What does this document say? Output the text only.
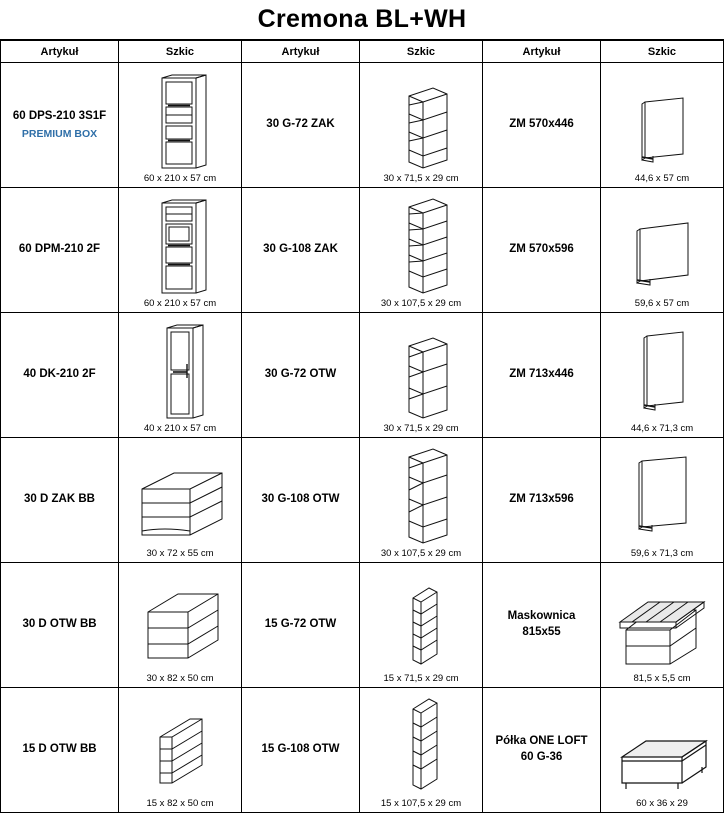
Cremona BL+WH
Artykuł	Szkic	Artykuł	Szkic	Artykuł	Szkic
60 DPS-210 3S1F
PREMIUM BOX	60 x 210 x 57 cm	30 G-72 ZAK	30 x 71,5 x 29 cm	ZM 570x446	44,6 x 57 cm

60 DPM-210 2F	60 x 210 x 57 cm	30 G-108 ZAK	30 x 107,5 x 29 cm	ZM 570x596	59,6 x 57 cm

40 DK-210 2F	40 x 210 x 57 cm	30 G-72 OTW	30 x 71,5 x 29 cm	ZM 713x446	44,6 x 71,3 cm

30 D ZAK BB	30 x 72 x 55 cm	30 G-108 OTW	30 x 107,5 x 29 cm	ZM 713x596	59,6 x 71,3 cm

30 D OTW BB	30 x 82 x 50 cm	15 G-72 OTW	15 x 71,5 x 29 cm	Maskownica
815x55	81,5 x 5,5 cm

15 D OTW BB	15 x 82 x 50 cm	15 G-108 OTW	15 x 107,5 x 29 cm	Półka ONE LOFT
60 G-36	60 x 36 x 29
